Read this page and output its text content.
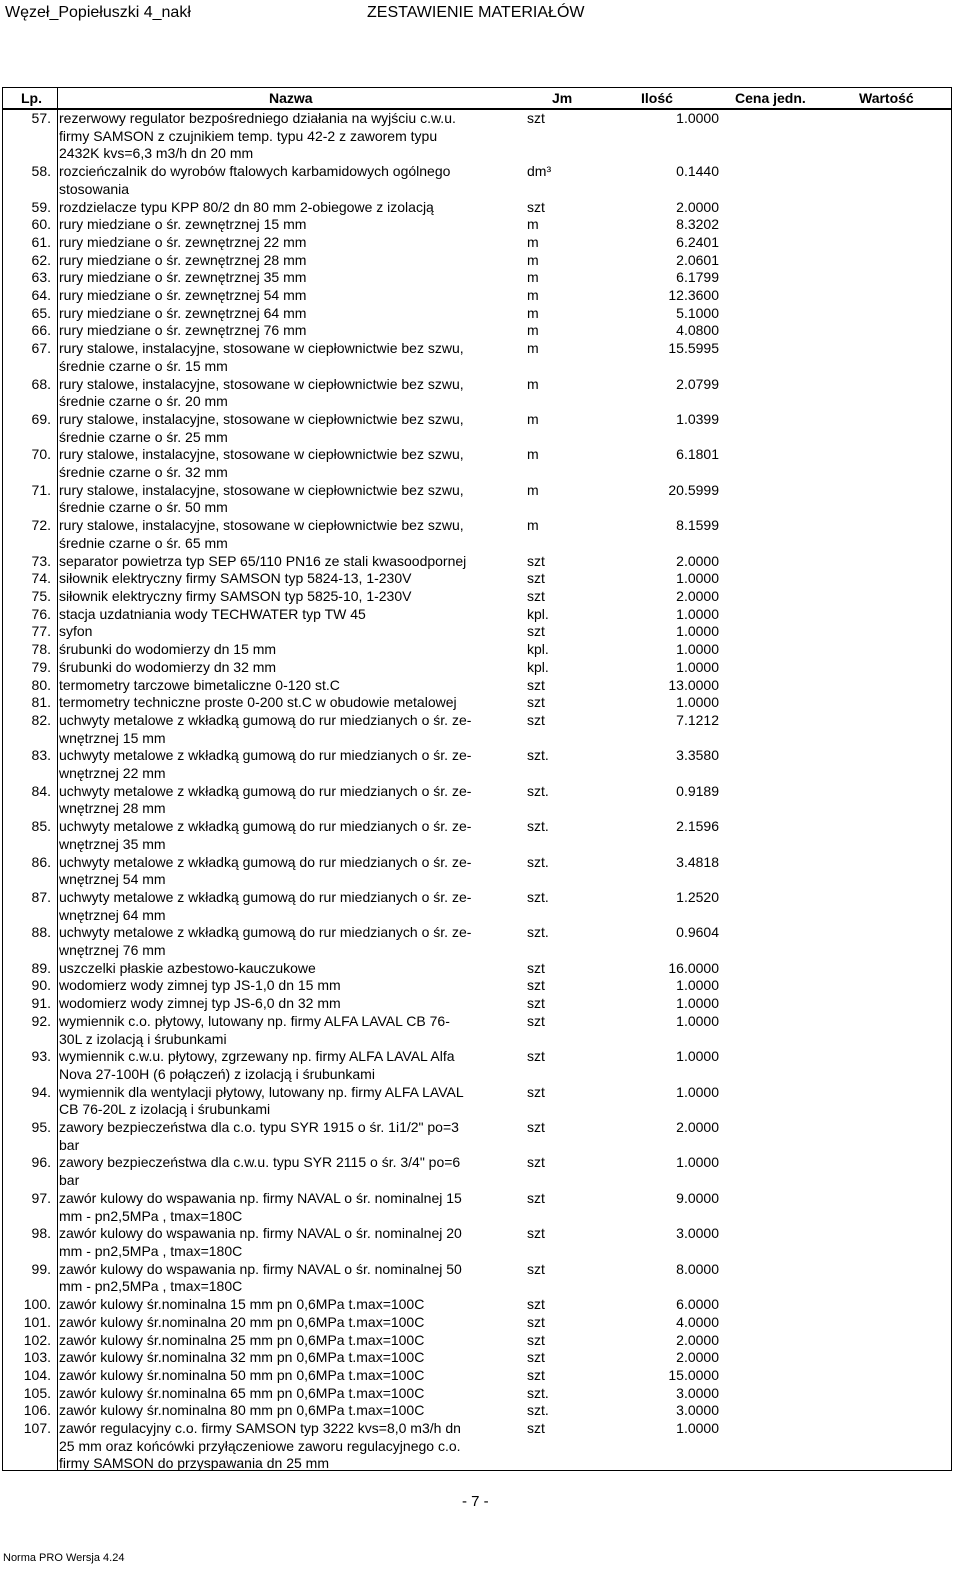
Węzeł_Popiełuszki 4_nakł	ZESTAWIENIE MATERIAŁÓW
Lp.	Nazwa	Jm	Ilość	Cena jedn.	Wartość
57. rezerwowy regulator bezpośredniego działania na wyjściu c.w.u.
firmy SAMSON z czujnikiem temp. typu 42-2 z zaworem typu
2432K kvs=6,3 m3/h dn 20 mm
szt	1.0000
58. rozcieńczalnik do wyrobów ftalowych karbamidowych ogólnego
stosowania
dm³	0.1440
59. rozdzielacze typu KPP 80/2 dn 80 mm 2-obiegowe z izolacją	szt	2.0000
60. rury miedziane o śr. zewnętrznej 15 mm	m	8.3202
61. rury miedziane o śr. zewnętrznej 22 mm	m	6.2401
62. rury miedziane o śr. zewnętrznej 28 mm	m	2.0601
63. rury miedziane o śr. zewnętrznej 35 mm	m	6.1799
64. rury miedziane o śr. zewnętrznej 54 mm	m	12.3600
65. rury miedziane o śr. zewnętrznej 64 mm	m	5.1000
66. rury miedziane o śr. zewnętrznej 76 mm	m	4.0800
67. rury stalowe, instalacyjne, stosowane w ciepłownictwie bez szwu,
średnie czarne o śr. 15 mm
m	15.5995
68. rury stalowe, instalacyjne, stosowane w ciepłownictwie bez szwu,
średnie czarne o śr. 20 mm
m	2.0799
69. rury stalowe, instalacyjne, stosowane w ciepłownictwie bez szwu,
średnie czarne o śr. 25 mm
m	1.0399
70. rury stalowe, instalacyjne, stosowane w ciepłownictwie bez szwu,
średnie czarne o śr. 32 mm
m	6.1801
71. rury stalowe, instalacyjne, stosowane w ciepłownictwie bez szwu,
średnie czarne o śr. 50 mm
m	20.5999
72. rury stalowe, instalacyjne, stosowane w ciepłownictwie bez szwu,
średnie czarne o śr. 65 mm
m	8.1599
73. separator powietrza typ SEP 65/110 PN16 ze stali kwasoodpornej	szt	2.0000
74. siłownik elektryczny firmy SAMSON typ 5824-13, 1-230V	szt	1.0000
75. siłownik elektryczny firmy SAMSON typ 5825-10, 1-230V	szt	2.0000
76. stacja uzdatniania wody TECHWATER typ TW 45	kpl.	1.0000
77. syfon	szt	1.0000
78. śrubunki do wodomierzy dn 15 mm	kpl.	1.0000
79. śrubunki do wodomierzy dn 32 mm	kpl.	1.0000
80. termometry tarczowe bimetaliczne 0-120 st.C	szt	13.0000
81. termometry techniczne proste 0-200 st.C w obudowie metalowej	szt	1.0000
82. uchwyty metalowe z wkładką gumową do rur miedzianych o śr. ze-
wnętrznej 15 mm
szt	7.1212
83. uchwyty metalowe z wkładką gumową do rur miedzianych o śr. ze-
wnętrznej 22 mm
szt.	3.3580
84. uchwyty metalowe z wkładką gumową do rur miedzianych o śr. ze-
wnętrznej 28 mm
szt.	0.9189
85. uchwyty metalowe z wkładką gumową do rur miedzianych o śr. ze-
wnętrznej 35 mm
szt.	2.1596
86. uchwyty metalowe z wkładką gumową do rur miedzianych o śr. ze-
wnętrznej 54 mm
szt.	3.4818
87. uchwyty metalowe z wkładką gumową do rur miedzianych o śr. ze-
wnętrznej 64 mm
szt.	1.2520
88. uchwyty metalowe z wkładką gumową do rur miedzianych o śr. ze-
wnętrznej 76 mm
szt.	0.9604
89. uszczelki płaskie azbestowo-kauczukowe	szt	16.0000
90. wodomierz wody zimnej typ JS-1,0 dn 15 mm	szt	1.0000
91. wodomierz wody zimnej typ JS-6,0 dn 32 mm	szt	1.0000
92. wymiennik c.o. płytowy, lutowany np. firmy ALFA LAVAL CB 76-
30L z izolacją i śrubunkami
szt	1.0000
93. wymiennik c.w.u. płytowy, zgrzewany np. firmy ALFA LAVAL Alfa
Nova 27-100H (6 połączeń) z izolacją i śrubunkami
szt	1.0000
94. wymiennik dla wentylacji płytowy, lutowany np. firmy ALFA LAVAL
CB 76-20L z izolacją i śrubunkami
szt	1.0000
95. zawory bezpieczeństwa dla c.o. typu SYR 1915 o śr. 1i1/2" po=3
bar
szt	2.0000
96. zawory bezpieczeństwa dla c.w.u. typu SYR 2115 o śr. 3/4" po=6
bar
szt	1.0000
97. zawór kulowy do wspawania np. firmy NAVAL o śr. nominalnej 15
mm - pn2,5MPa , tmax=180C
szt	9.0000
98. zawór kulowy do wspawania np. firmy NAVAL o śr. nominalnej 20
mm - pn2,5MPa , tmax=180C
szt	3.0000
99. zawór kulowy do wspawania np. firmy NAVAL o śr. nominalnej 50
mm - pn2,5MPa , tmax=180C
szt	8.0000
100. zawór kulowy śr.nominalna 15 mm pn 0,6MPa t.max=100C	szt	6.0000
101. zawór kulowy śr.nominalna 20 mm pn 0,6MPa t.max=100C	szt	4.0000
102. zawór kulowy śr.nominalna 25 mm pn 0,6MPa t.max=100C	szt	2.0000
103. zawór kulowy śr.nominalna 32 mm pn 0,6MPa t.max=100C	szt	2.0000
104. zawór kulowy śr.nominalna 50 mm pn 0,6MPa t.max=100C	szt	15.0000
105. zawór kulowy śr.nominalna 65 mm pn 0,6MPa t.max=100C	szt.	3.0000
106. zawór kulowy śr.nominalna 80 mm pn 0,6MPa t.max=100C	szt.	3.0000
107. zawór regulacyjny c.o. firmy SAMSON typ 3222 kvs=8,0 m3/h dn
25 mm oraz końcówki przyłączeniowe zaworu regulacyjnego c.o.
firmy SAMSON do przyspawania dn 25 mm
szt	1.0000
- 7 -
Norma PRO Wersja 4.24
